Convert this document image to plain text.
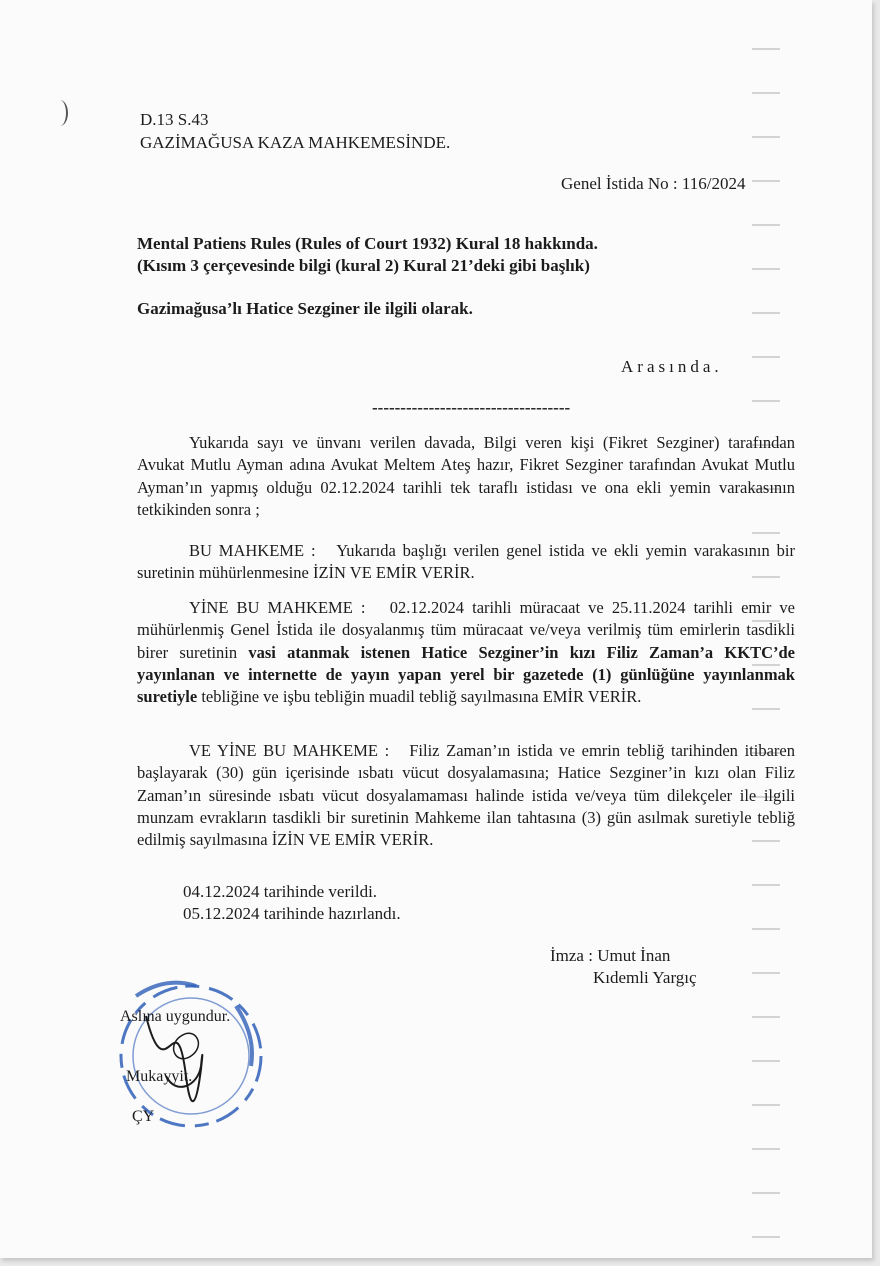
D.13 S.43
GAZİMAĞUSA KAZA MAHKEMESİNDE.
Genel İstida No : 116/2024
Mental Patiens Rules (Rules of Court 1932) Kural 18 hakkında.
(Kısım 3 çerçevesinde bilgi (kural 2) Kural 21’deki gibi başlık)
Gazimağusa’lı Hatice Sezginer ile ilgili olarak.
Arasında.
-----------------------------------
Yukarıda sayı ve ünvanı verilen davada, Bilgi veren kişi (Fikret Sezginer) tarafından Avukat Mutlu Ayman adına Avukat Meltem Ateş hazır, Fikret Sezginer tarafından Avukat Mutlu Ayman’ın yapmış olduğu 02.12.2024 tarihli tek taraflı istidası ve ona ekli yemin varakasının tetkikinden sonra ;
BU MAHKEME : Yukarıda başlığı verilen genel istida ve ekli yemin varakasının bir suretinin mühürlenmesine İZİN VE EMİR VERİR.
YİNE BU MAHKEME : 02.12.2024 tarihli müracaat ve 25.11.2024 tarihli emir ve mühürlenmiş Genel İstida ile dosyalanmış tüm müracaat ve/veya verilmiş tüm emirlerin tasdikli birer suretinin vasi atanmak istenen Hatice Sezginer’in kızı Filiz Zaman’a KKTC’de yayınlanan ve internette de yayın yapan yerel bir gazetede (1) günlüğüne yayınlanmak suretiyle tebliğine ve işbu tebliğin muadil tebliğ sayılmasına EMİR VERİR.
VE YİNE BU MAHKEME : Filiz Zaman’ın istida ve emrin tebliğ tarihinden itibaren başlayarak (30) gün içerisinde ısbatı vücut dosyalamasına; Hatice Sezginer’in kızı olan Filiz Zaman’ın süresinde ısbatı vücut dosyalamaması halinde istida ve/veya tüm dilekçeler ile ilgili munzam evrakların tasdikli bir suretinin Mahkeme ilan tahtasına (3) gün asılmak suretiyle tebliğ edilmiş sayılmasına İZİN VE EMİR VERİR.
04.12.2024 tarihinde verildi.
05.12.2024 tarihinde hazırlandı.
İmza : Umut İnan
Kıdemli Yargıç
Aslına uygundur.
Mukayyit.
ÇY
